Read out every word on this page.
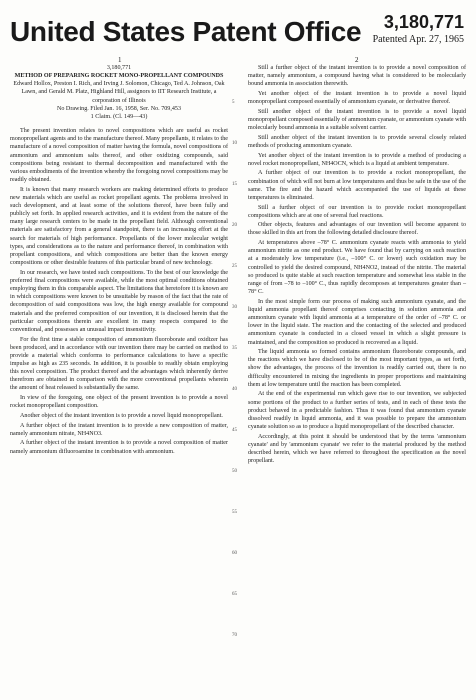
United States Patent Office	3,180,771
Patented Apr. 27, 1965
1	2
5
10
15
20
25
30
35
40
45
50
55
60
65
70
3,180,771
METHOD OF PREPARING ROCKET MONO-PROPELLANT COMPOUNDS
Edward Hollox, Preston I. Rich, and Irving J. Solomon, Chicago, Ted A. Johnson, Oak Lawn, and Gerald M. Platz, Highland Hill, assignors to IIT Research Institute, a corporation of Illinois
No Drawing. Filed Jan. 16, 1958, Ser. No. 709,453
1 Claim. (Cl. 149—43)

The present invention relates to novel compositions which are useful as rocket monopropellant agents and to the manufacture thereof. Many propellants, it relates to the manufacture of a novel composition of matter having the formula, novel compositions of ammonium and ammonium salts thereof, and other oxidizing compounds, said compositions being resistant to thermal decomposition and manufactured with the various embodiments of the invention whereby the foregoing novel compositions may be readily obtained.

It is known that many research workers are making determined efforts to produce new materials which are useful as rocket propellant agents. The problems involved in such development, and at least some of the solutions thereof, have been fully and publicly set forth. In applied research activities, and it is evident from the nature of the many large research centers to be made in the propellant field. Although conventional materials are satisfactory from a general standpoint, there is an increasing effort at the search for materials of high performance. Propellants of the lower molecular weight types, and considerations as to the nature and performance thereof, in combination with propellant compositions, and which compositions are better than the known energy compositions or other desirable features of this particular brand of new technology.

In our research, we have tested such compositions. To the best of our knowledge the preferred final compositions were available, while the most optimal conditions obtained employing them in this comparable aspect. The limitations that heretofore it is known are in which compositions were known to be unsuitable by reason of the fact that the rate of decomposition of said compositions was low, the high energy available for compound materials and the preferred composition of our invention, it is disclosed herein that the particular compositions therein are excellent in many respects compared to the conventional, and possesses an unusual impact insensitivity.

For the first time a stable composition of ammonium fluoroborate and oxidizer has been produced, and in accordance with our invention there may be carried on method to provide a material which conforms to performance calculations to have a specific impulse as high as 235 seconds. In addition, it is possible to readily obtain employing this novel composition. The product thereof and the advantages which inherently derive therefrom are obtained in comparison with the more conventional propellants wherein the amount of heat released is substantially the same.

In view of the foregoing, one object of the present invention is to provide a novel rocket monopropellant composition.

Another object of the instant invention is to provide a novel liquid monopropellant.

A further object of the instant invention is to provide a new composition of matter, namely ammonium nitrate, NH4NO3.

A further object of the instant invention is to provide a novel composition of matter namely ammonium difluoroamine in combination with ammonium.

Still a further object of the instant invention is to provide a novel composition of matter, namely ammonium, a compound having what is considered to be molecularly bound ammonia in association therewith.

Yet another object of the instant invention is to provide a novel liquid monopropellant composed essentially of ammonium cyanate, or derivative thereof.

Still another object of the instant invention is to provide a novel liquid monopropellant composed essentially of ammonium cyanate, or ammonium cyanate with molecularly bound ammonia in a suitable solvent carrier.

Still another object of the instant invention is to provide several closely related methods of producing ammonium cyanate.

Yet another object of the instant invention is to provide a method of producing a novel rocket monopropellant, NH4OCN, which is a liquid at ambient temperature.

A further object of our invention is to provide a rocket monopropellant, the combination of which will not burn at low temperatures and thus be safe in the use of the same. The fire and the hazard which accompanied the use of liquids at these temperatures is eliminated.

Still a further object of our invention is to provide rocket monopropellant compositions which are at one of several fuel reactions.

Other objects, features and advantages of our invention will become apparent to those skilled in this art from the following detailed disclosure thereof.

At temperatures above –78° C. ammonium cyanate reacts with ammonia to yield ammonium nitrite as one end product. We have found that by carrying on such reaction at a moderately low temperature (i.e., –100° C. or lower) such oxidation may be controlled to yield the desired compound, NH4NO2, instead of the nitrite. The material so produced is quite stable at such reaction temperature and somewhat less stable in the range of from –78 to –100° C., thus rapidly decomposes at temperatures greater than –78° C.

In the most simple form our process of making such ammonium cyanate, and the liquid ammonia propellant thereof comprises contacting in solution ammonia and ammonium cyanate with liquid ammonia at a temperature of the order of –78° C. or lower in the liquid state. The reaction and the contacting of the selected and produced ammonium cyanate is conducted in a closed vessel in which a slight pressure is maintained, and the composition so produced is recovered as a liquid.

The liquid ammonia so formed contains ammonium fluoroborate compounds, and the reactions which we have disclosed to be of the most important types, as set forth, show the advantages, the process of the invention is readily carried out, there is no difficulty encountered in mixing the ingredients in proper proportions and maintaining them at low temperature until the reaction has been completed.

At the end of the experimental run which gave rise to our invention, we subjected some portions of the product to a further series of tests, and in each of these tests the product behaved in a predictable fashion. Thus it was found that ammonium cyanate dissolved readily in liquid ammonia, and it was possible to prepare the ammonium cyanate solution so as to produce a liquid monopropellant of the described character.

Accordingly, at this point it should be understood that by the terms 'ammonium cyanate' and by 'ammonium cyanate' we refer to the material produced by the method described herein, which we have referred to throughout the specification as the novel propellant.
